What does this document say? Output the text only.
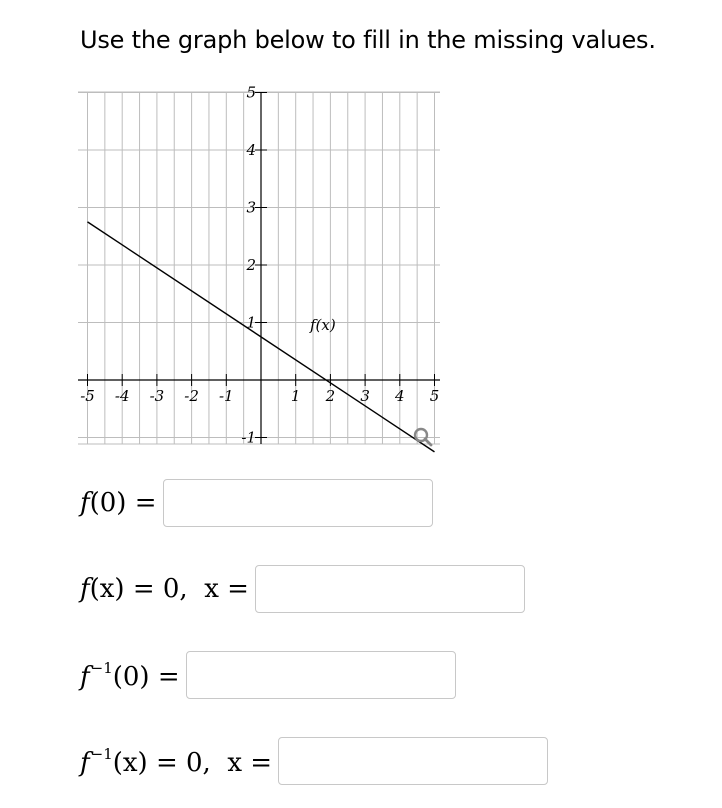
Use the graph below to fill in the missing values.
-5 -4 -3 -2 -1	1 2 3 4 5
5
4
3
2
1
-1
f(x)
f(0) =
f(x) = 0, x =
$f^{-1}(0)$ =
$f^{-1}(x) = 0$, x =
